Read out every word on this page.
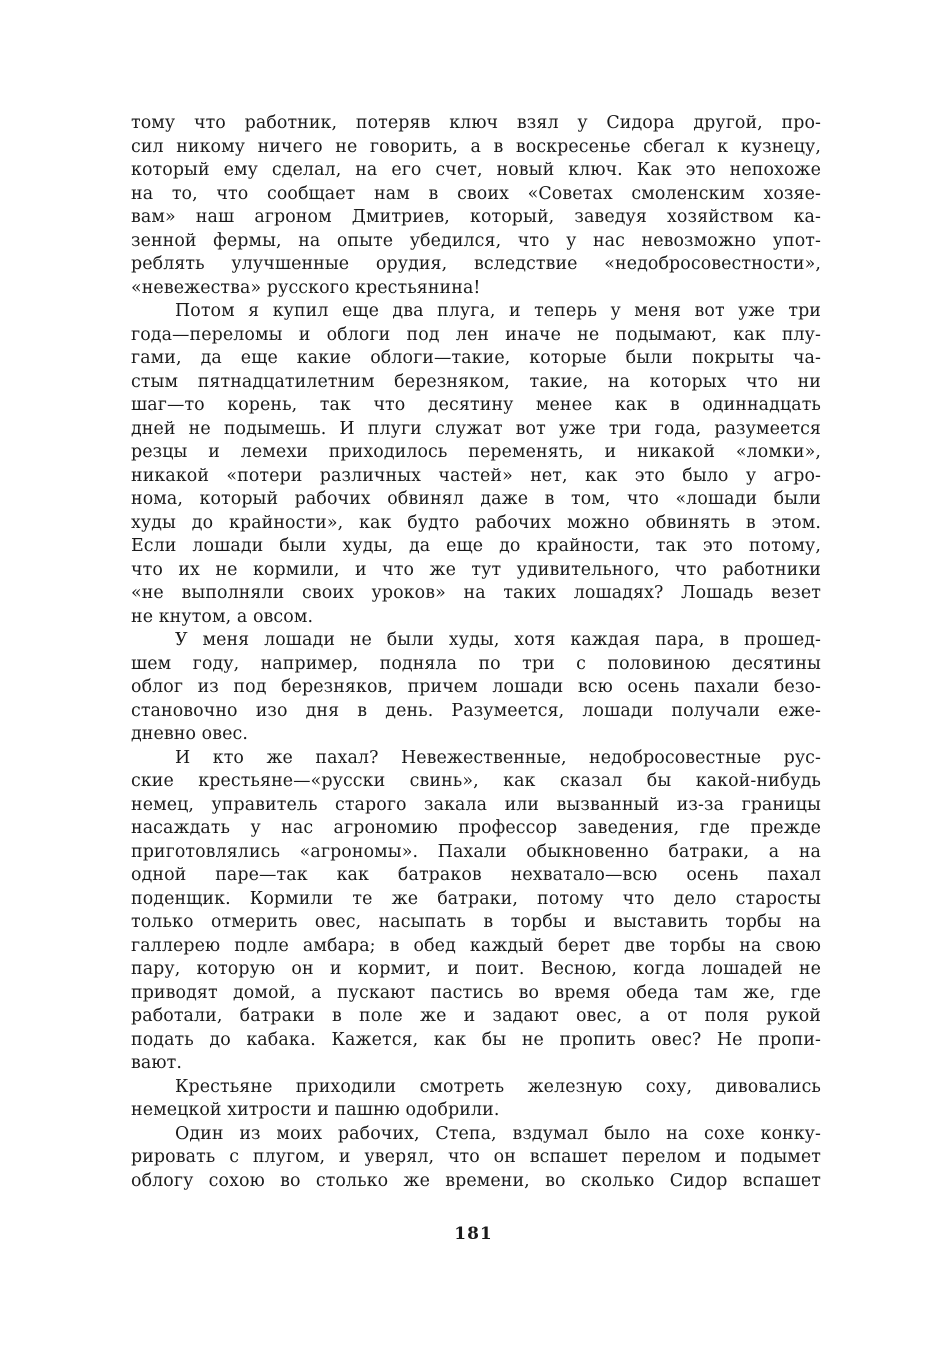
тому что работник, потеряв ключ взял у Сидора другой, про-
сил никому ничего не говорить, а в воскресенье сбегал к кузнецу,
который ему сделал, на его счет, новый ключ. Как это непохоже
на то, что сообщает нам в своих «Советах смоленским хозяе-
вам» наш агроном Дмитриев, который, заведуя хозяйством ка-
зенной фермы, на опыте убедился, что у нас невозможно упот-
реблять улучшенные орудия, вследствие «недобросовестности»,
«невежества» русского крестьянина!
Потом я купил еще два плуга, и теперь у меня вот уже три
года—переломы и облоги под лен иначе не подымают, как плу-
гами, да еще какие облоги—такие, которые были покрыты ча-
стым пятнадцатилетним березняком, такие, на которых что ни
шаг—то корень, так что десятину менее как в одиннадцать
дней не подымешь. И плуги служат вот уже три года, разумеется
резцы и лемехи приходилось переменять, и никакой «ломки»,
никакой «потери различных частей» нет, как это было у агро-
нома, который рабочих обвинял даже в том, что «лошади были
худы до крайности», как будто рабочих можно обвинять в этом.
Если лошади были худы, да еще до крайности, так это потому,
что их не кормили, и что же тут удивительного, что работники
«не выполняли своих уроков» на таких лошадях? Лошадь везет
не кнутом, а овсом.
У меня лошади не были худы, хотя каждая пара, в прошед-
шем году, например, подняла по три с половиною десятины
облог из под березняков, причем лошади всю осень пахали безо-
становочно изо дня в день. Разумеется, лошади получали еже-
дневно овес.
И кто же пахал? Невежественные, недобросовестные рус-
ские крестьяне—«русски свинь», как сказал бы какой-нибудь
немец, управитель старого закала или вызванный из-за границы
насаждать у нас агрономию профессор заведения, где прежде
приготовлялись «агрономы». Пахали обыкновенно батраки, а на
одной паре—так как батраков нехватало—всю осень пахал
поденщик. Кормили те же батраки, потому что дело старосты
только отмерить овес, насыпать в торбы и выставить торбы на
галлерею подле амбара; в обед каждый берет две торбы на свою
пару, которую он и кормит, и поит. Весною, когда лошадей не
приводят домой, а пускают пастись во время обеда там же, где
работали, батраки в поле же и задают овес, а от поля рукой
подать до кабака. Кажется, как бы не пропить овес? Не пропи-
вают.
Крестьяне приходили смотреть железную соху, дивовались
немецкой хитрости и пашню одобрили.
Один из моих рабочих, Степа, вздумал было на сохе конку-
рировать с плугом, и уверял, что он вспашет перелом и подымет
облогу сохою во столько же времени, во сколько Сидор вспашет
181
